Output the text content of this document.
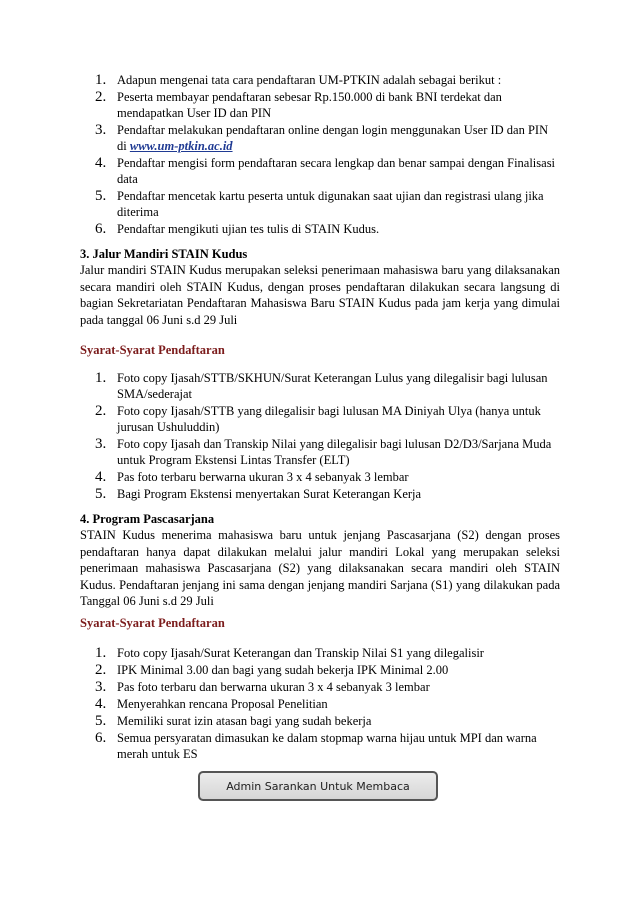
1. Adapun mengenai tata cara pendaftaran UM-PTKIN adalah sebagai berikut :
2. Peserta membayar pendaftaran sebesar Rp.150.000 di bank BNI terdekat dan mendapatkan User ID dan PIN
3. Pendaftar melakukan pendaftaran online dengan login menggunakan User ID dan PIN di www.um-ptkin.ac.id
4. Pendaftar mengisi form pendaftaran secara lengkap dan benar sampai dengan Finalisasi data
5. Pendaftar mencetak kartu peserta untuk digunakan saat ujian dan registrasi ulang jika diterima
6. Pendaftar mengikuti ujian tes tulis di STAIN Kudus.
3. Jalur Mandiri STAIN Kudus

Jalur mandiri STAIN Kudus merupakan seleksi penerimaan mahasiswa baru yang dilaksanakan secara mandiri oleh STAIN Kudus, dengan proses pendaftaran dilakukan secara langsung di bagian Sekretariatan Pendaftaran Mahasiswa Baru STAIN Kudus pada jam kerja yang dimulai pada tanggal 06 Juni s.d 29 Juli

Syarat-Syarat Pendaftaran
1. Foto copy Ijasah/STTB/SKHUN/Surat Keterangan Lulus yang dilegalisir bagi lulusan SMA/sederajat
2. Foto copy Ijasah/STTB yang dilegalisir bagi lulusan MA Diniyah Ulya (hanya untuk jurusan Ushuluddin)
3. Foto copy Ijasah dan Transkip Nilai yang dilegalisir bagi lulusan D2/D3/Sarjana Muda untuk Program Ekstensi Lintas Transfer (ELT)
4. Pas foto terbaru berwarna ukuran 3 x 4 sebanyak 3 lembar
5. Bagi Program Ekstensi menyertakan Surat Keterangan Kerja
4. Program Pascasarjana

STAIN Kudus menerima mahasiswa baru untuk jenjang Pascasarjana (S2) dengan proses pendaftaran hanya dapat dilakukan melalui jalur mandiri Lokal yang merupakan seleksi penerimaan mahasiswa Pascasarjana (S2) yang dilaksanakan secara mandiri oleh STAIN Kudus. Pendaftaran jenjang ini sama dengan jenjang mandiri Sarjana (S1) yang dilakukan pada Tanggal 06 Juni s.d 29 Juli

Syarat-Syarat Pendaftaran
1. Foto copy Ijasah/Surat Keterangan dan Transkip Nilai S1 yang dilegalisir
2. IPK Minimal 3.00 dan bagi yang sudah bekerja IPK Minimal 2.00
3. Pas foto terbaru dan berwarna ukuran 3 x 4 sebanyak 3 lembar
4. Menyerahkan rencana Proposal Penelitian
5. Memiliki surat izin atasan bagi yang sudah bekerja
6. Semua persyaratan dimasukan ke dalam stopmap warna hijau untuk MPI dan warna merah untuk ES
Admin Sarankan Untuk Membaca
